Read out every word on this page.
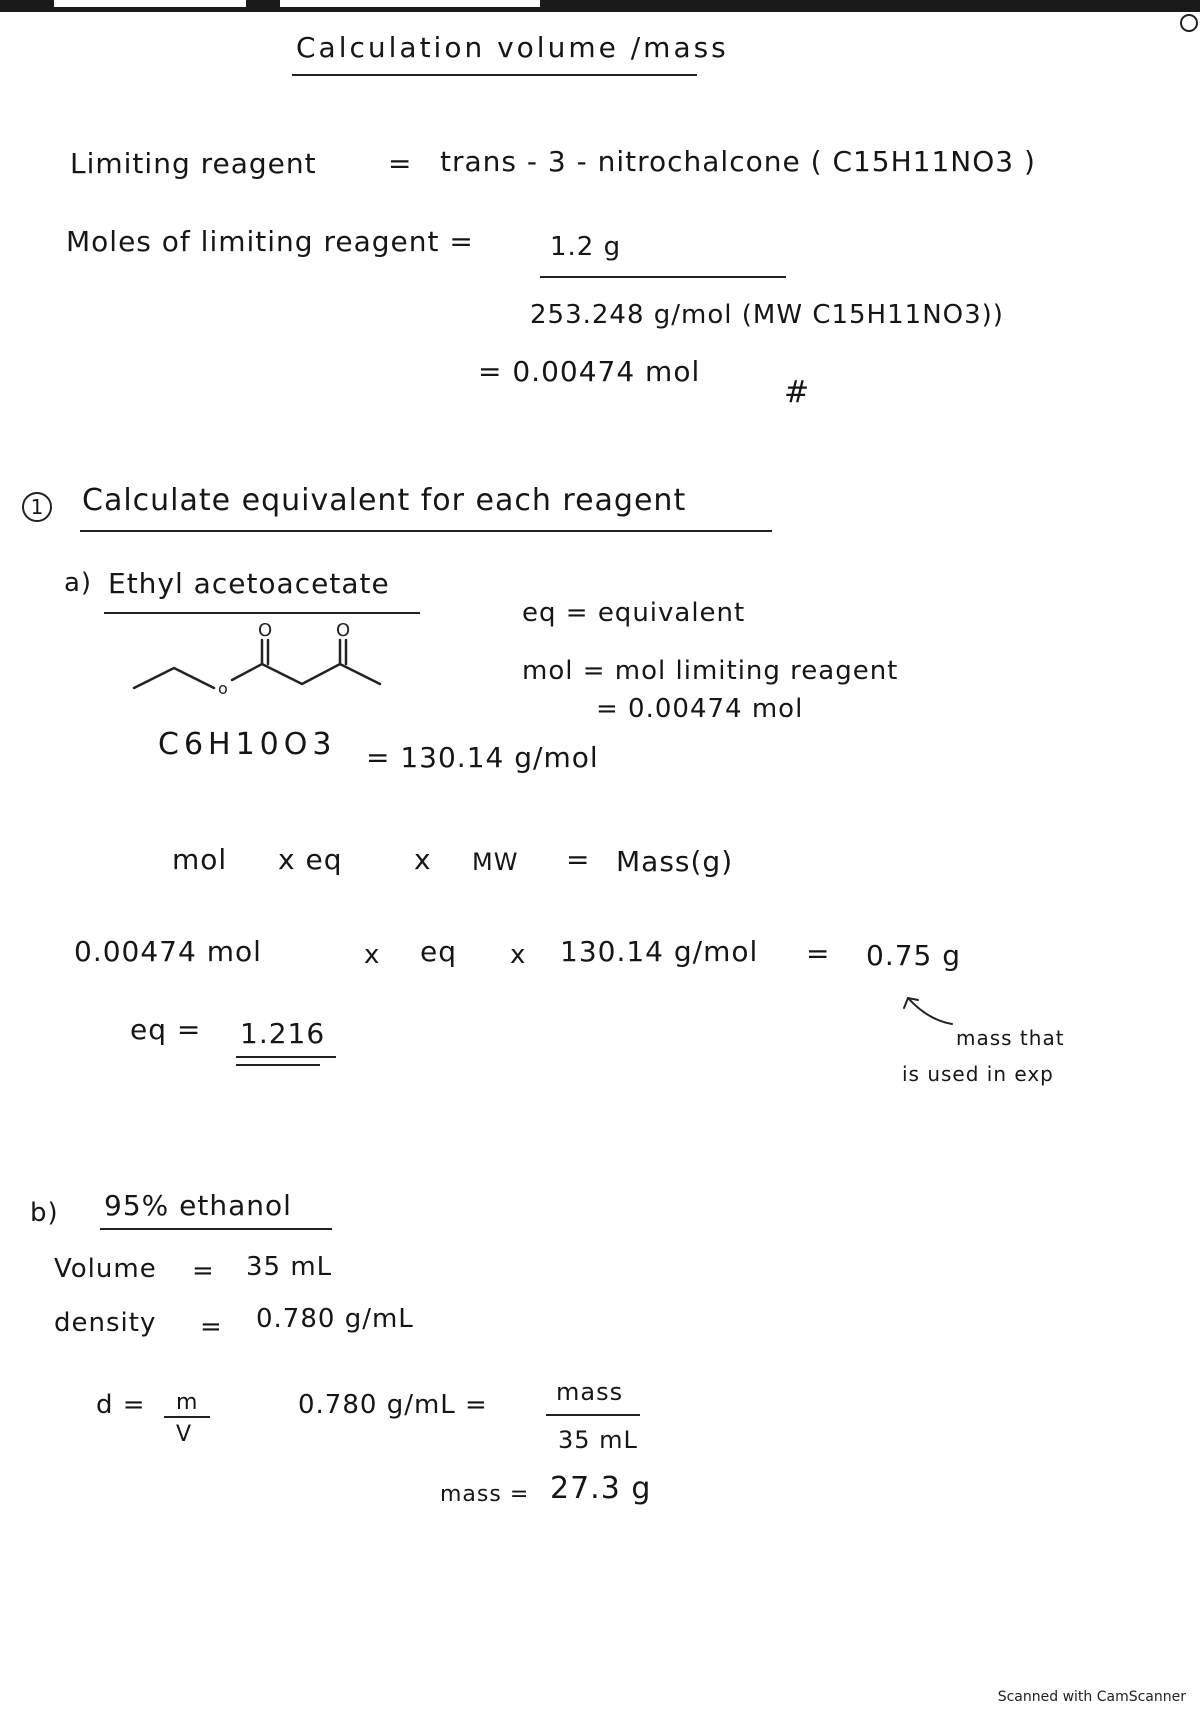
Calculation volume /mass
Limiting reagent	= trans - 3 - nitrochalcone ( C15H11NO3 )
Moles of limiting reagent =	1.2 g
253.248 g/mol (MW C15H11NO3))
= 0.00474 mol
#
1 Calculate equivalent for each reagent
a) Ethyl acetoacetate
o
O	O
eq = equivalent
mol = mol limiting reagent
= 0.00474 mol
C6H10O3 = 130.14 g/mol
mol x eq	x MW = Mass(g)
0.00474 mol	x eq x 130.14 g/mol = 0.75 g
mass that
is used in exp
eq = 1.216
b) 95% ethanol
Volume = 35 mL
density = 0.780 g/mL
d = m
V
0.780 g/mL =	mass
35 mL
mass = 27.3 g
Scanned with CamScanner
